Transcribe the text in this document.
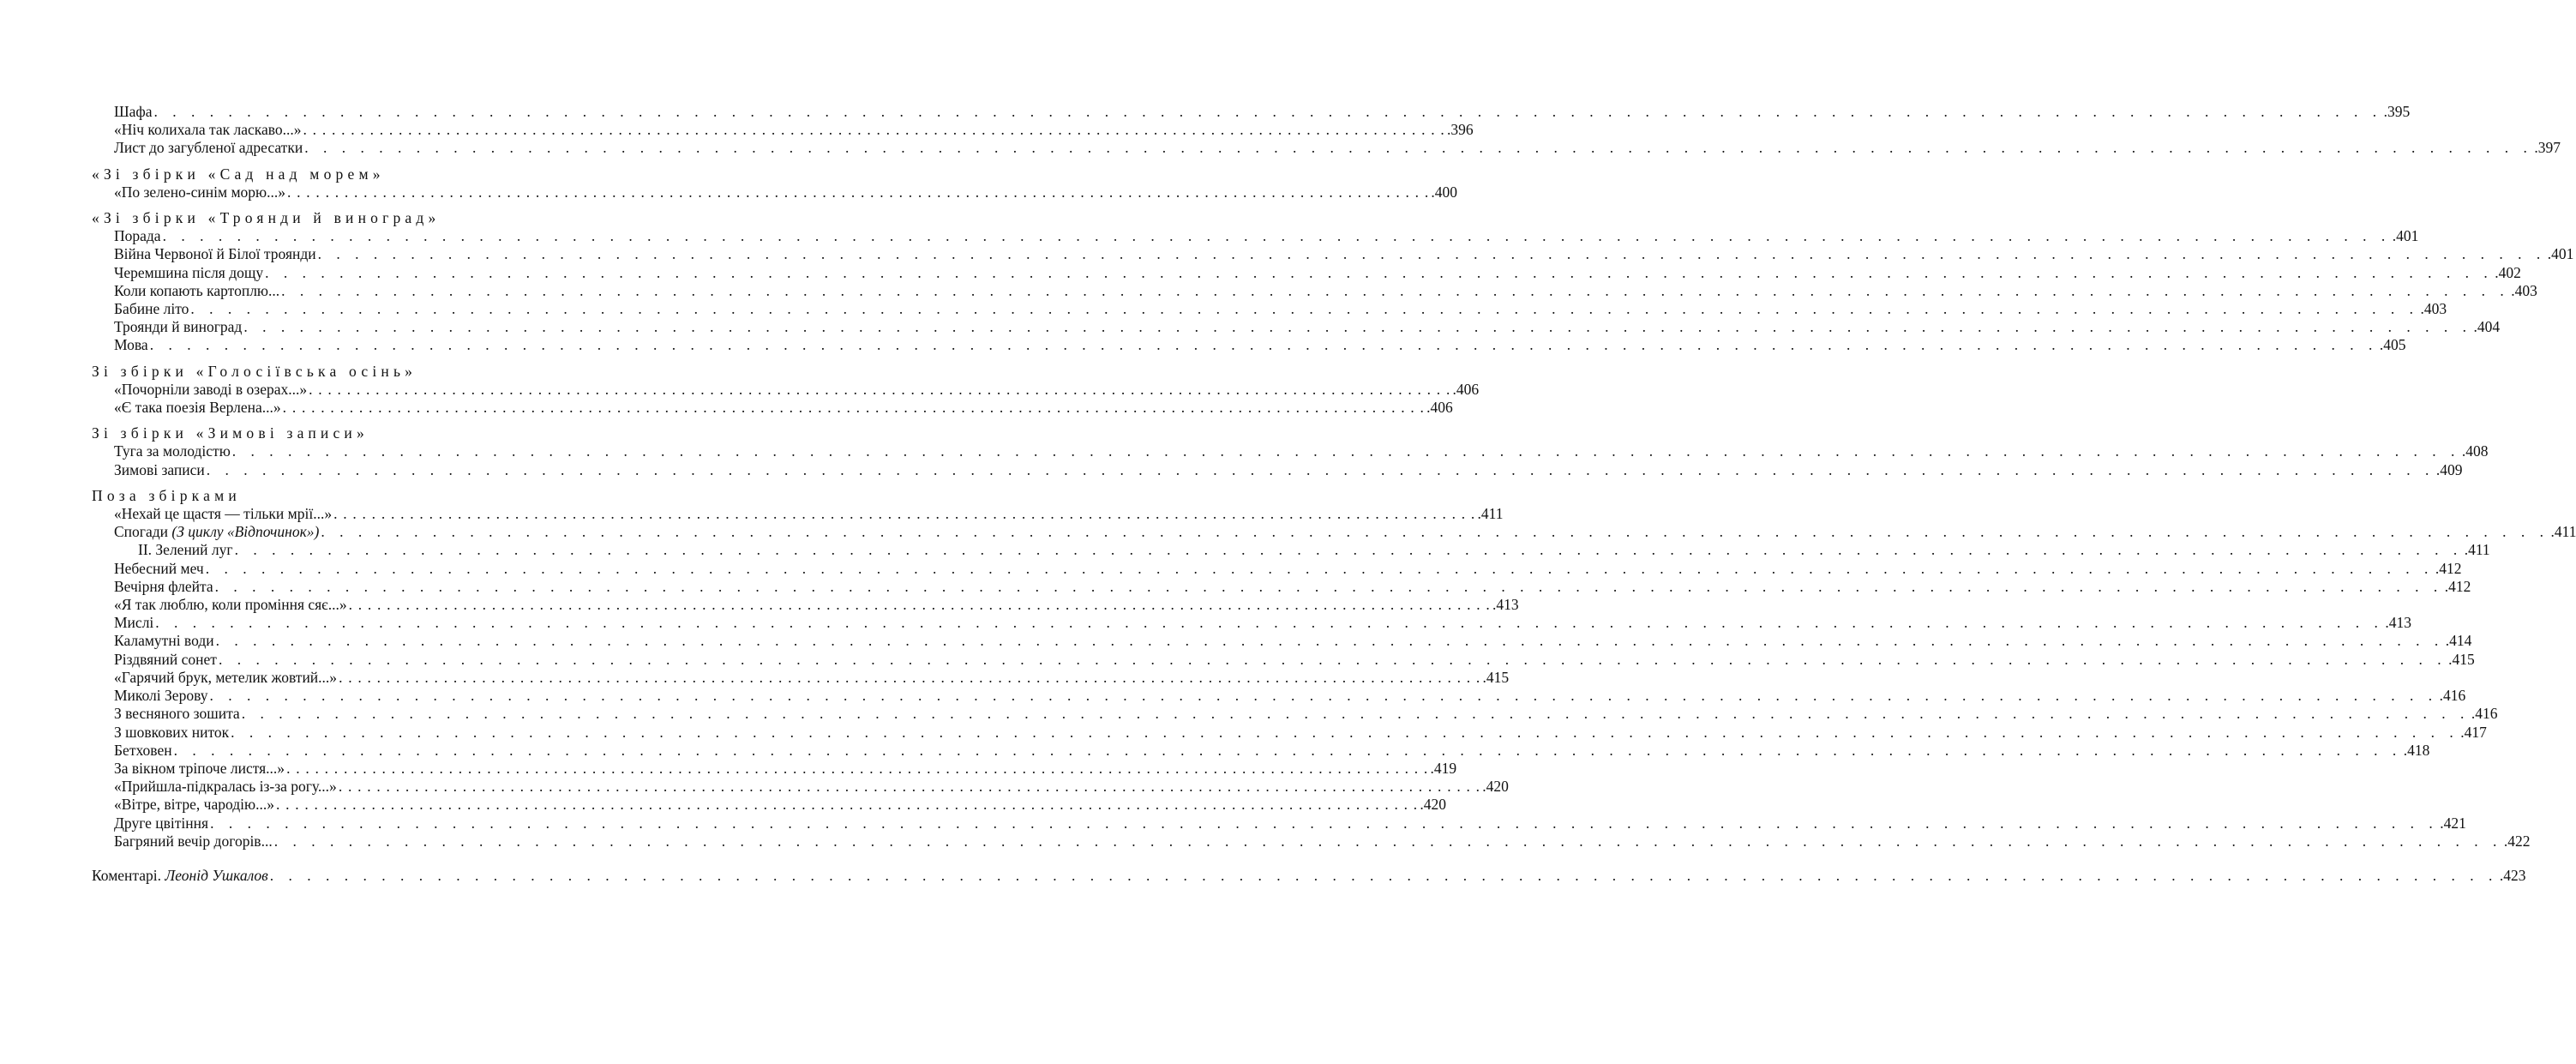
Шафа . . . . . . . . . . . . . . . . . . . . . . . . . . . . . . . . . . . . . . . . . . . . . . . . . . . . . . . . . . . . . . . . . . . . . . . . . . . . . . . . . . . . . . . . . . . . . . . . . . . . . . . . . . . . . . . . . . . . . . . . .395
«Ніч колихала так ласкаво...» . . . . . . . . . . . . . . . . . . . . . . . . . . . . . . . . . . . . . . . . . . . . . . . . . . . . . . . . . . . . . . . . . . . . . . . . . . . . . . . . . . . . . . . . . . . . . . . . . . . . . . . . . . . . . . . . . . . . . . . . .396
Лист до загубленої адресатки . . . . . . . . . . . . . . . . . . . . . . . . . . . . . . . . . . . . . . . . . . . . . . . . . . . . . . . . . . . . . . . . . . . . . . . . . . . . . . . . . . . . . . . . . . . . . . . . . . . . . . . . . . . . . . . . . . . . . . . . .397
«Зі збірки «Сад над морем»
«По зелено-синім морю...» . . . . . . . . . . . . . . . . . . . . . . . . . . . . . . . . . . . . . . . . . . . . . . . . . . . . . . . . . . . . . . . . . . . . . . . . . . . . . . . . . . . . . . . . . . . . . . . . . . . . . . . . . . . . . . . . . . . . . . . . .400
«Зі збірки «Троянди й виноград»
Порада . . . . . . . . . . . . . . . . . . . . . . . . . . . . . . . . . . . . . . . . . . . . . . . . . . . . . . . . . . . . . . . . . . . . . . . . . . . . . . . . . . . . . . . . . . . . . . . . . . . . . . . . . . . . . . . . . . . . . . . . .401
Війна Червоної й Білої троянди . . . . . . . . . . . . . . . . . . . . . . . . . . . . . . . . . . . . . . . . . . . . . . . . . . . . . . . . . . . . . . . . . . . . . . . . . . . . . . . . . . . . . . . . . . . . . . . . . . . . . . . . . . . . . . . . . . . . . . . . .401
Черемшина після дощу . . . . . . . . . . . . . . . . . . . . . . . . . . . . . . . . . . . . . . . . . . . . . . . . . . . . . . . . . . . . . . . . . . . . . . . . . . . . . . . . . . . . . . . . . . . . . . . . . . . . . . . . . . . . . . . . . . . . . . . . .402
Коли копають картоплю... . . . . . . . . . . . . . . . . . . . . . . . . . . . . . . . . . . . . . . . . . . . . . . . . . . . . . . . . . . . . . . . . . . . . . . . . . . . . . . . . . . . . . . . . . . . . . . . . . . . . . . . . . . . . . . . . . . . . . . . . .403
Бабине літо . . . . . . . . . . . . . . . . . . . . . . . . . . . . . . . . . . . . . . . . . . . . . . . . . . . . . . . . . . . . . . . . . . . . . . . . . . . . . . . . . . . . . . . . . . . . . . . . . . . . . . . . . . . . . . . . . . . . . . . . .403
Троянди й виноград . . . . . . . . . . . . . . . . . . . . . . . . . . . . . . . . . . . . . . . . . . . . . . . . . . . . . . . . . . . . . . . . . . . . . . . . . . . . . . . . . . . . . . . . . . . . . . . . . . . . . . . . . . . . . . . . . . . . . . . . .404
Мова . . . . . . . . . . . . . . . . . . . . . . . . . . . . . . . . . . . . . . . . . . . . . . . . . . . . . . . . . . . . . . . . . . . . . . . . . . . . . . . . . . . . . . . . . . . . . . . . . . . . . . . . . . . . . . . . . . . . . . . . .405
Зі збірки «Голосіївська осінь»
«Почорніли заводі в озерах...» . . . . . . . . . . . . . . . . . . . . . . . . . . . . . . . . . . . . . . . . . . . . . . . . . . . . . . . . . . . . . . . . . . . . . . . . . . . . . . . . . . . . . . . . . . . . . . . . . . . . . . . . . . . . . . . . . . . . . . . . .406
«Є така поезія Верлена...» . . . . . . . . . . . . . . . . . . . . . . . . . . . . . . . . . . . . . . . . . . . . . . . . . . . . . . . . . . . . . . . . . . . . . . . . . . . . . . . . . . . . . . . . . . . . . . . . . . . . . . . . . . . . . . . . . . . . . . . . .406
Зі збірки «Зимові записи»
Туга за молодістю . . . . . . . . . . . . . . . . . . . . . . . . . . . . . . . . . . . . . . . . . . . . . . . . . . . . . . . . . . . . . . . . . . . . . . . . . . . . . . . . . . . . . . . . . . . . . . . . . . . . . . . . . . . . . . . . . . . . . . . . .408
Зимові записи . . . . . . . . . . . . . . . . . . . . . . . . . . . . . . . . . . . . . . . . . . . . . . . . . . . . . . . . . . . . . . . . . . . . . . . . . . . . . . . . . . . . . . . . . . . . . . . . . . . . . . . . . . . . . . . . . . . . . . . . .409
Поза збірками
«Нехай це щастя — тільки мрії...» . . . . . . . . . . . . . . . . . . . . . . . . . . . . . . . . . . . . . . . . . . . . . . . . . . . . . . . . . . . . . . . . . . . . . . . . . . . . . . . . . . . . . . . . . . . . . . . . . . . . . . . . . . . . . . . . . . . . . . . . .411
Спогади (З циклу «Відпочинок») . . . . . . . . . . . . . . . . . . . . . . . . . . . . . . . . . . . . . . . . . . . . . . . . . . . . . . . . . . . . . . . . . . . . . . . . . . . . . . . . . . . . . . . . . . . . . . . . . . . . . . . . . . . . . . . . . . . . . . . . .411
II. Зелений луг . . . . . . . . . . . . . . . . . . . . . . . . . . . . . . . . . . . . . . . . . . . . . . . . . . . . . . . . . . . . . . . . . . . . . . . . . . . . . . . . . . . . . . . . . . . . . . . . . . . . . . . . . . . . . . . . . . . . . . . . .411
Небесний меч . . . . . . . . . . . . . . . . . . . . . . . . . . . . . . . . . . . . . . . . . . . . . . . . . . . . . . . . . . . . . . . . . . . . . . . . . . . . . . . . . . . . . . . . . . . . . . . . . . . . . . . . . . . . . . . . . . . . . . . . .412
Вечірня флейта . . . . . . . . . . . . . . . . . . . . . . . . . . . . . . . . . . . . . . . . . . . . . . . . . . . . . . . . . . . . . . . . . . . . . . . . . . . . . . . . . . . . . . . . . . . . . . . . . . . . . . . . . . . . . . . . . . . . . . . . .412
«Я так люблю, коли проміння сяє...» . . . . . . . . . . . . . . . . . . . . . . . . . . . . . . . . . . . . . . . . . . . . . . . . . . . . . . . . . . . . . . . . . . . . . . . . . . . . . . . . . . . . . . . . . . . . . . . . . . . . . . . . . . . . . . . . . . . . . . . . .413
Мислі . . . . . . . . . . . . . . . . . . . . . . . . . . . . . . . . . . . . . . . . . . . . . . . . . . . . . . . . . . . . . . . . . . . . . . . . . . . . . . . . . . . . . . . . . . . . . . . . . . . . . . . . . . . . . . . . . . . . . . . . .413
Каламутні води . . . . . . . . . . . . . . . . . . . . . . . . . . . . . . . . . . . . . . . . . . . . . . . . . . . . . . . . . . . . . . . . . . . . . . . . . . . . . . . . . . . . . . . . . . . . . . . . . . . . . . . . . . . . . . . . . . . . . . . . .414
Різдвяний сонет . . . . . . . . . . . . . . . . . . . . . . . . . . . . . . . . . . . . . . . . . . . . . . . . . . . . . . . . . . . . . . . . . . . . . . . . . . . . . . . . . . . . . . . . . . . . . . . . . . . . . . . . . . . . . . . . . . . . . . . . .415
«Гарячий брук, метелик жовтий...» . . . . . . . . . . . . . . . . . . . . . . . . . . . . . . . . . . . . . . . . . . . . . . . . . . . . . . . . . . . . . . . . . . . . . . . . . . . . . . . . . . . . . . . . . . . . . . . . . . . . . . . . . . . . . . . . . . . . . . . . .415
Миколі Зерову . . . . . . . . . . . . . . . . . . . . . . . . . . . . . . . . . . . . . . . . . . . . . . . . . . . . . . . . . . . . . . . . . . . . . . . . . . . . . . . . . . . . . . . . . . . . . . . . . . . . . . . . . . . . . . . . . . . . . . . . .416
З весняного зошита . . . . . . . . . . . . . . . . . . . . . . . . . . . . . . . . . . . . . . . . . . . . . . . . . . . . . . . . . . . . . . . . . . . . . . . . . . . . . . . . . . . . . . . . . . . . . . . . . . . . . . . . . . . . . . . . . . . . . . . . .416
З шовкових ниток . . . . . . . . . . . . . . . . . . . . . . . . . . . . . . . . . . . . . . . . . . . . . . . . . . . . . . . . . . . . . . . . . . . . . . . . . . . . . . . . . . . . . . . . . . . . . . . . . . . . . . . . . . . . . . . . . . . . . . . . .417
Бетховен . . . . . . . . . . . . . . . . . . . . . . . . . . . . . . . . . . . . . . . . . . . . . . . . . . . . . . . . . . . . . . . . . . . . . . . . . . . . . . . . . . . . . . . . . . . . . . . . . . . . . . . . . . . . . . . . . . . . . . . . .418
За вікном тріпоче листя...» . . . . . . . . . . . . . . . . . . . . . . . . . . . . . . . . . . . . . . . . . . . . . . . . . . . . . . . . . . . . . . . . . . . . . . . . . . . . . . . . . . . . . . . . . . . . . . . . . . . . . . . . . . . . . . . . . . . . . . . . .419
«Прийшла-підкралась із-за рогу...» . . . . . . . . . . . . . . . . . . . . . . . . . . . . . . . . . . . . . . . . . . . . . . . . . . . . . . . . . . . . . . . . . . . . . . . . . . . . . . . . . . . . . . . . . . . . . . . . . . . . . . . . . . . . . . . . . . . . . . . . .420
«Вітре, вітре, чародію...» . . . . . . . . . . . . . . . . . . . . . . . . . . . . . . . . . . . . . . . . . . . . . . . . . . . . . . . . . . . . . . . . . . . . . . . . . . . . . . . . . . . . . . . . . . . . . . . . . . . . . . . . . . . . . . . . . . . . . . . . .420
Друге цвітіння . . . . . . . . . . . . . . . . . . . . . . . . . . . . . . . . . . . . . . . . . . . . . . . . . . . . . . . . . . . . . . . . . . . . . . . . . . . . . . . . . . . . . . . . . . . . . . . . . . . . . . . . . . . . . . . . . . . . . . . . .421
Багряний вечір догорів... . . . . . . . . . . . . . . . . . . . . . . . . . . . . . . . . . . . . . . . . . . . . . . . . . . . . . . . . . . . . . . . . . . . . . . . . . . . . . . . . . . . . . . . . . . . . . . . . . . . . . . . . . . . . . . . . . . . . . . . . .422
Коментарі. Леонід Ушкалов . . . . . . . . . . . . . . . . . . . . . . . . . . . . . . . . . . . . . . . . . . . . . . . . . . . . . . . . . . . . . . . . . . . . . . . . . . . . . . . . . . . . . . . . . . . . . . . . . . . . . . . . . . . . . . . . . . . . . . . . .423
